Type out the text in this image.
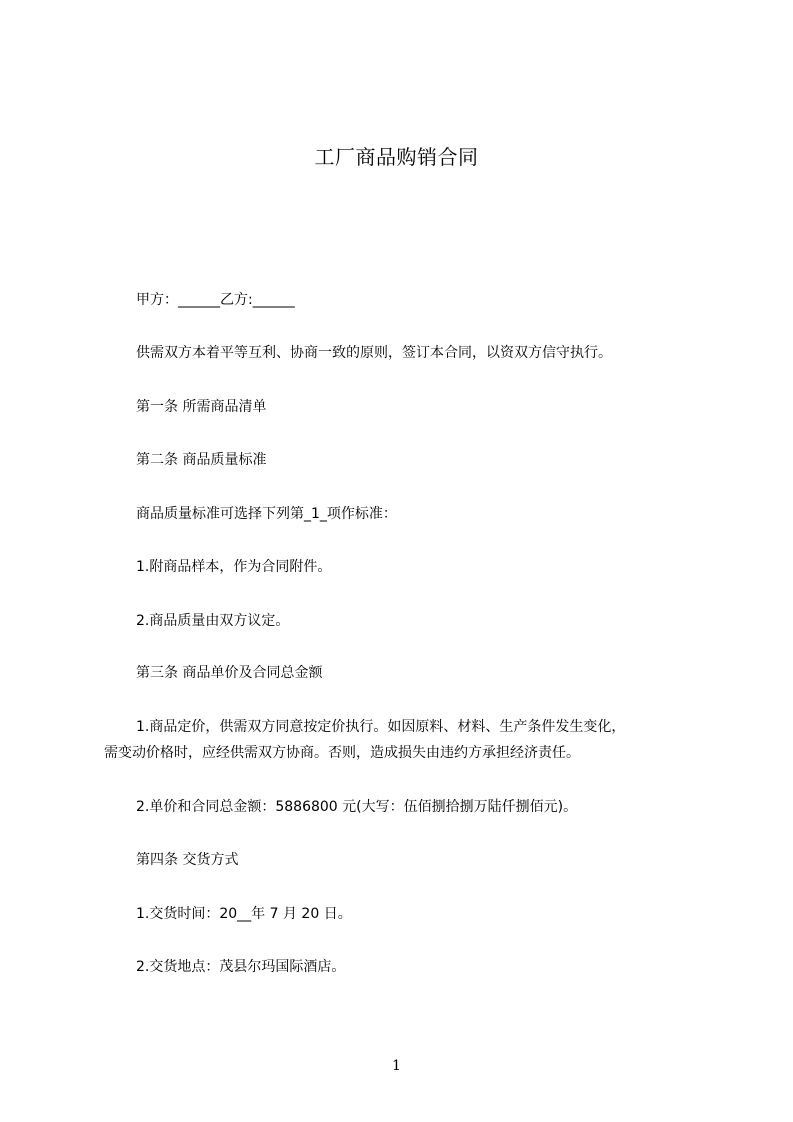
工厂商品购销合同
甲方：______乙方:______
供需双方本着平等互利、协商一致的原则，签订本合同，以资双方信守执行。
第一条 所需商品清单
第二条 商品质量标准
商品质量标准可选择下列第_1_项作标准：
1.附商品样本，作为合同附件。
2.商品质量由双方议定。
第三条 商品单价及合同总金额
1.商品定价，供需双方同意按定价执行。如因原料、材料、生产条件发生变化，
需变动价格时，应经供需双方协商。否则，造成损失由违约方承担经济责任。
2.单价和合同总金额：5886800 元(大写：伍佰捌拾捌万陆仟捌佰元)。
第四条 交货方式
1.交货时间：20__年 7 月 20 日。
2.交货地点：茂县尔玛国际酒店。
1
